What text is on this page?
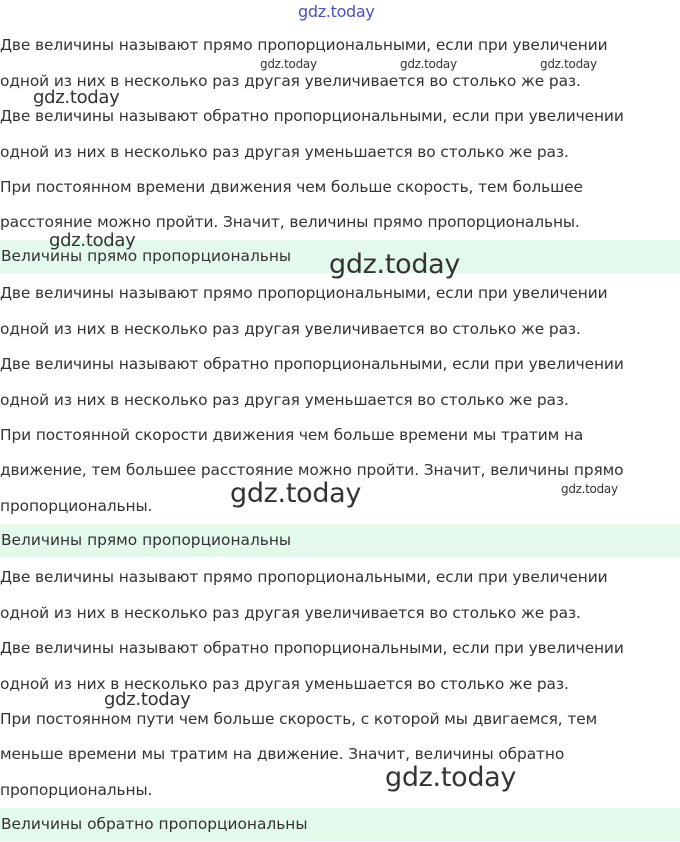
Две величины называют прямо пропорциональными, если при увеличении
одной из них в несколько раз другая увеличивается во столько же раз.
Две величины называют обратно пропорциональными, если при увеличении
одной из них в несколько раз другая уменьшается во столько же раз.
При постоянном времени движения чем больше скорость, тем большее
расстояние можно пройти. Значит, величины прямо пропорциональны.
Величины прямо пропорциональны
Две величины называют прямо пропорциональными, если при увеличении
одной из них в несколько раз другая увеличивается во столько же раз.
Две величины называют обратно пропорциональными, если при увеличении
одной из них в несколько раз другая уменьшается во столько же раз.
При постоянной скорости движения чем больше времени мы тратим на
движение, тем большее расстояние можно пройти. Значит, величины прямо
пропорциональны.
Величины прямо пропорциональны
Две величины называют прямо пропорциональными, если при увеличении
одной из них в несколько раз другая увеличивается во столько же раз.
Две величины называют обратно пропорциональными, если при увеличении
одной из них в несколько раз другая уменьшается во столько же раз.
При постоянном пути чем больше скорость, с которой мы двигаемся, тем
меньше времени мы тратим на движение. Значит, величины обратно
пропорциональны.
Величины обратно пропорциональны
gdz.today
gdz.today	gdz.today	gdz.today
gdz.today
gdz.today
gdz.today
gdz.today	gdz.today
gdz.today
gdz.today
